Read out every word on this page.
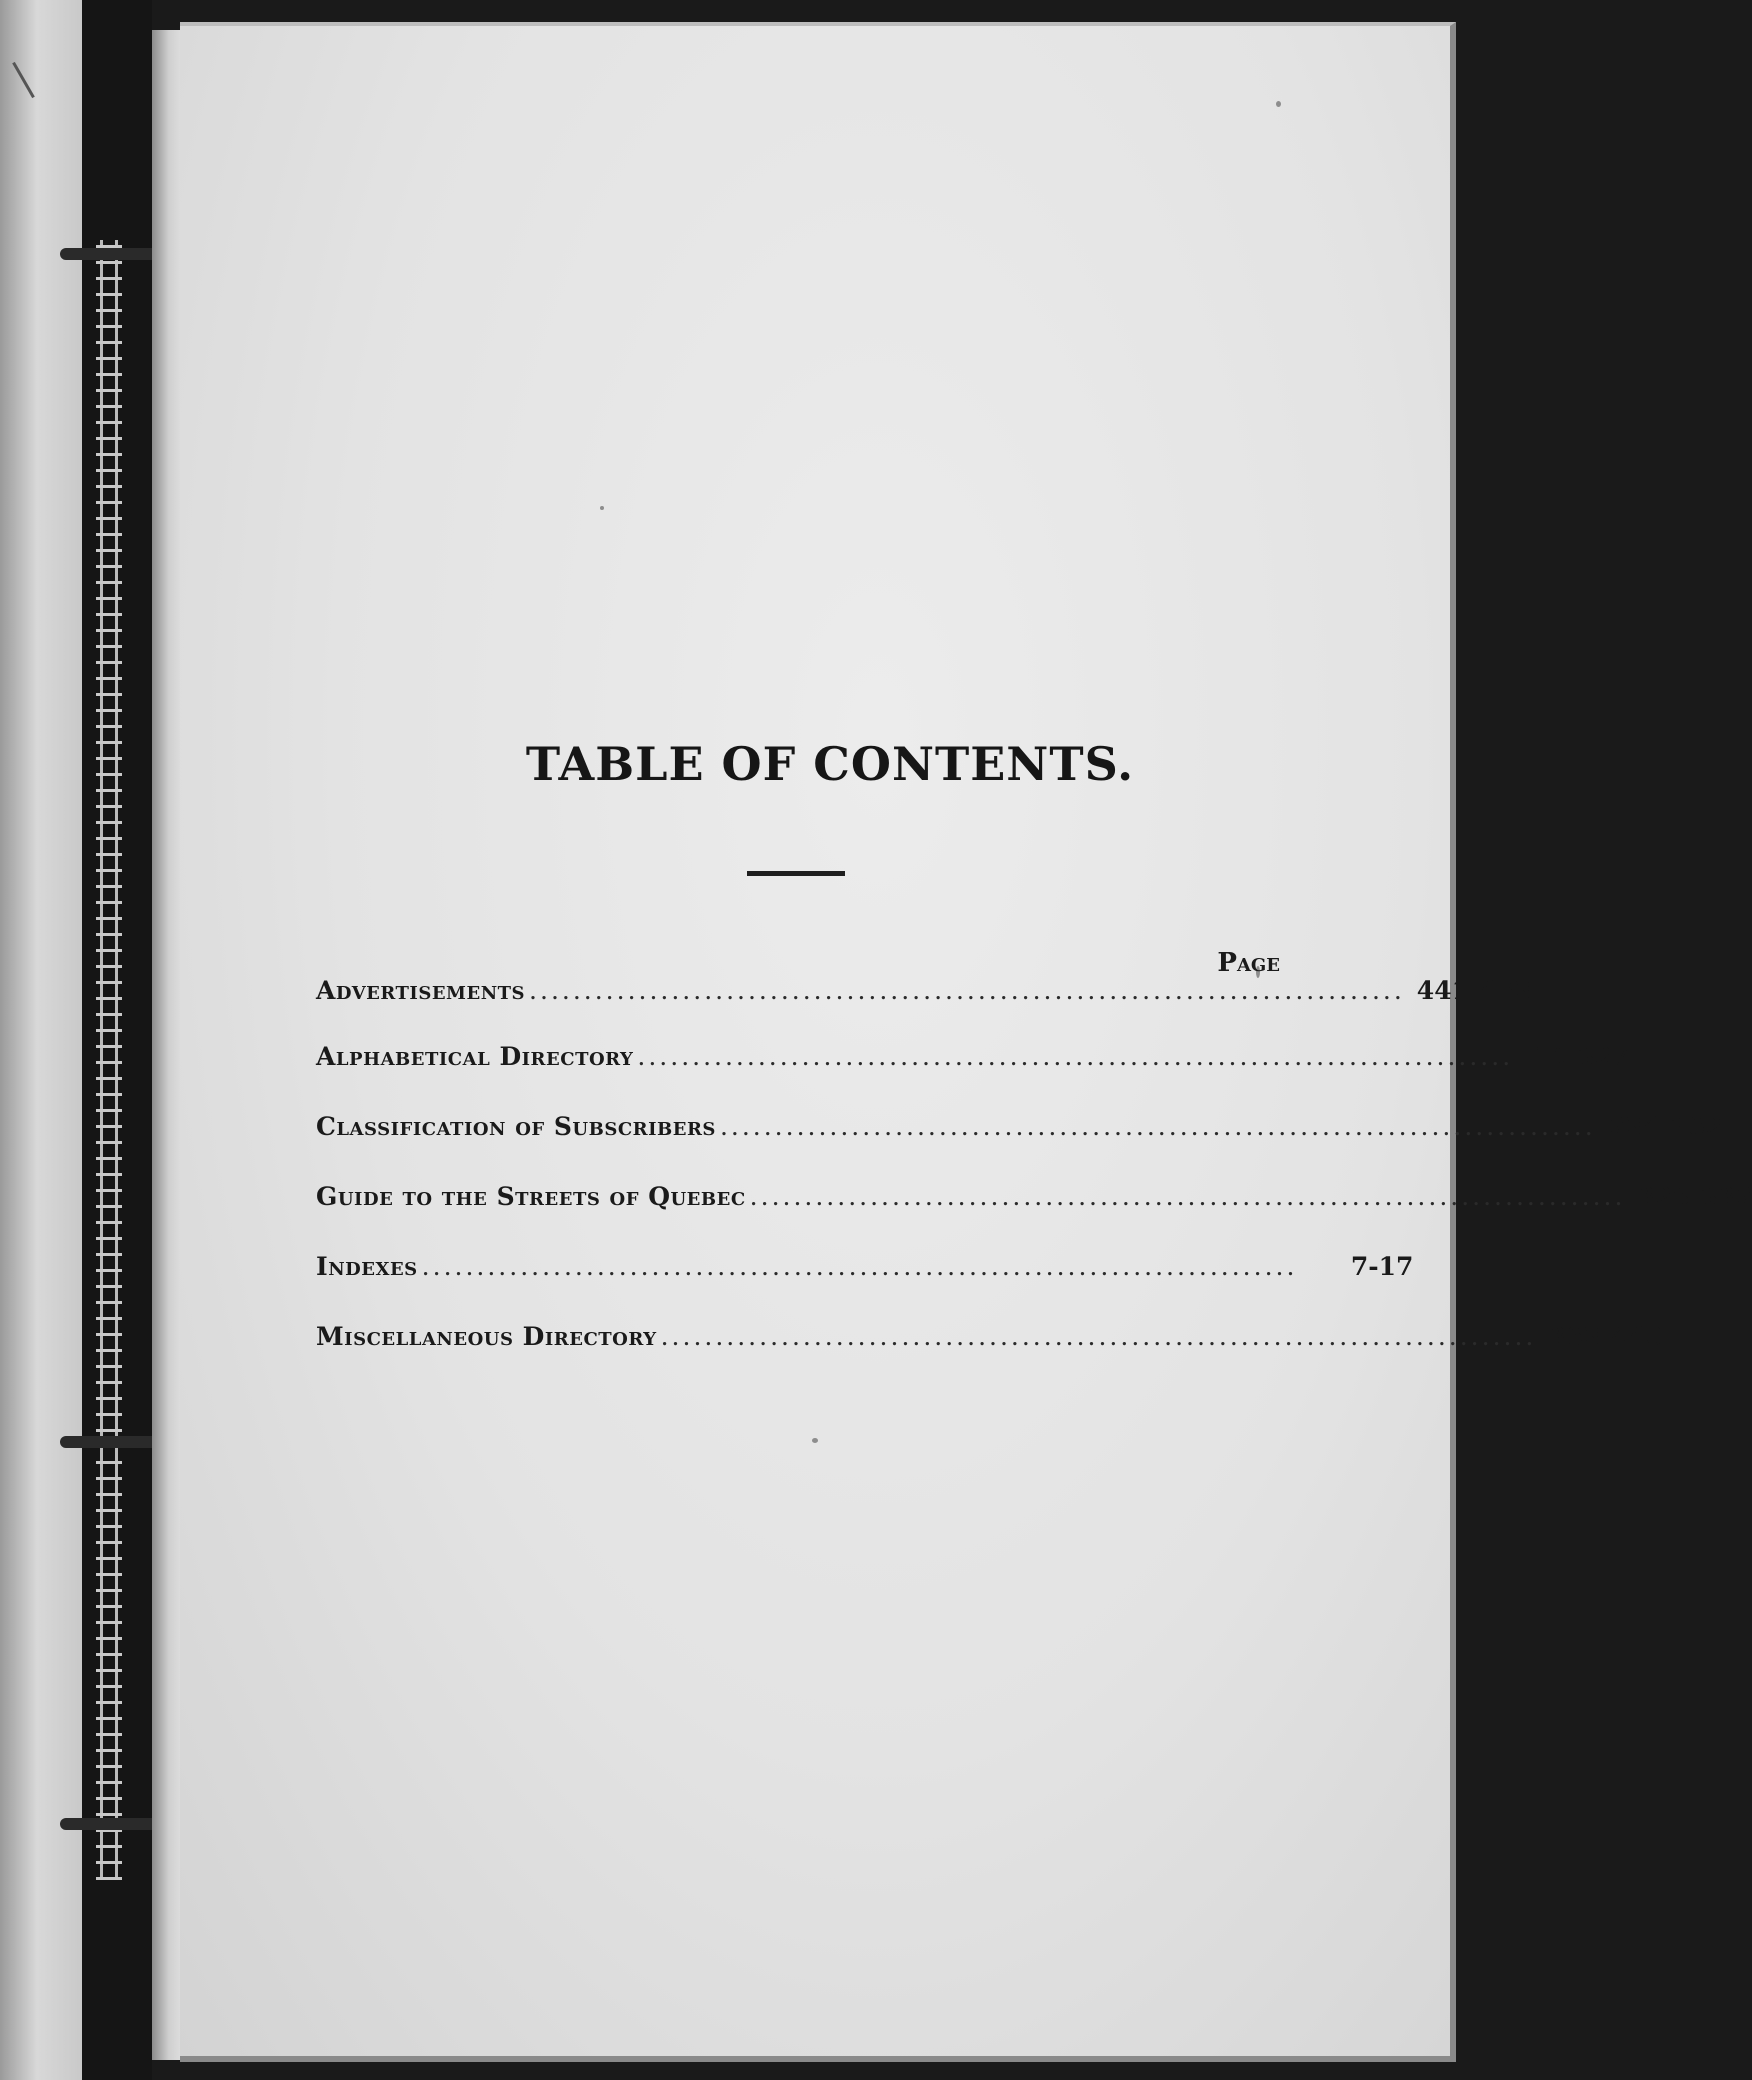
TABLE OF CONTENTS.
Page
Advertisements ................................................................................ 441-453
Alphabetical Directory ................................................................................ 19-327
Classification of Subscribers ................................................................................ 334-362
Guide to the Streets of Quebec ................................................................................ 328-333
Indexes ................................................................................	7-17
Miscellaneous Directory ................................................................................ 363-440
